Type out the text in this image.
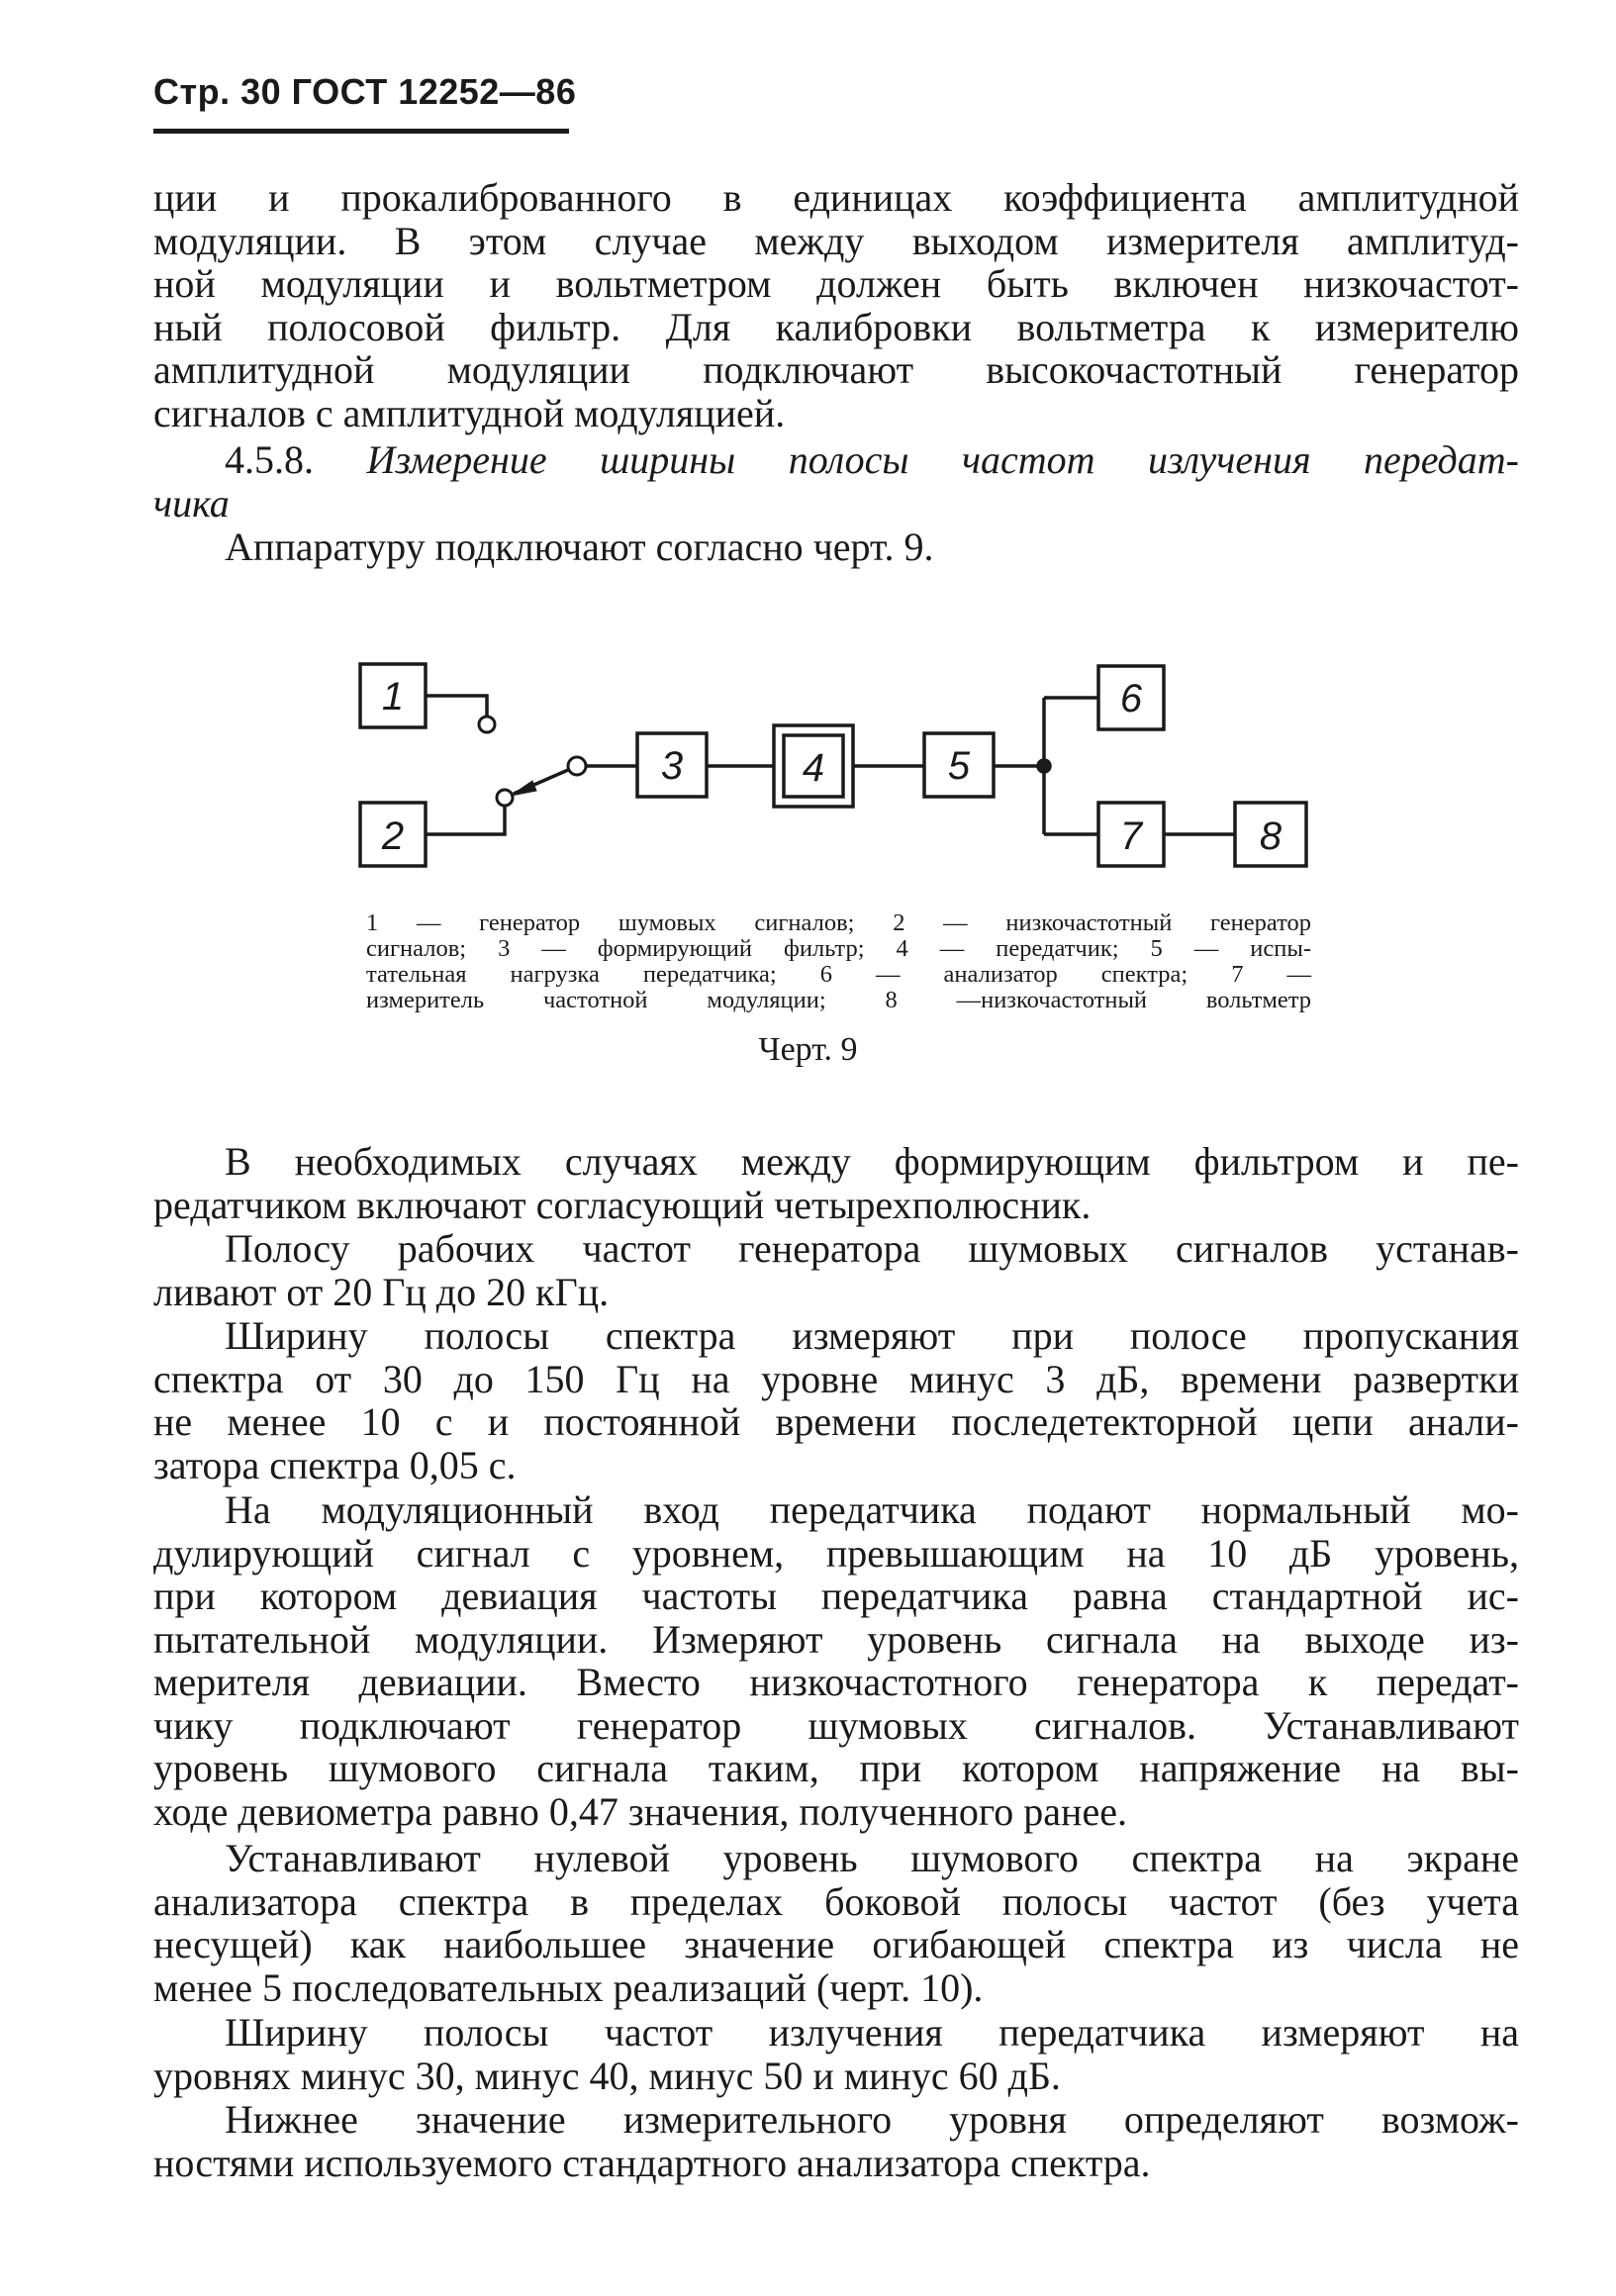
Стр. 30 ГОСТ 12252—86
ции и прокалиброванного в единицах коэффициента амплитудной
модуляции. В этом случае между выходом измерителя амплитуд-
ной модуляции и вольтметром должен быть включен низкочастот-
ный полосовой фильтр. Для калибровки вольтметра к измерителю
амплитудной модуляции подключают высокочастотный генератор
сигналов с амплитудной модуляцией.
4.5.8. Измерение ширины полосы частот излучения передат-
чика
Аппаратуру подключают согласно черт. 9.
1
2
3	4	5
6
7	8
1 — генератор шумовых сигналов; 2 — низкочастотный генератор
сигналов; 3 — формирующий фильтр; 4 — передатчик; 5 — испы-
тательная нагрузка передатчика; 6 — анализатор спектра; 7 —
измеритель частотной модуляции; 8 —низкочастотный вольтметр
Черт. 9
В необходимых случаях между формирующим фильтром и пе-
редатчиком включают согласующий четырехполюсник.
Полосу рабочих частот генератора шумовых сигналов устанав-
ливают от 20 Гц до 20 кГц.
Ширину полосы спектра измеряют при полосе пропускания
спектра от 30 до 150 Гц на уровне минус 3 дБ, времени развертки
не менее 10 с и постоянной времени последетекторной цепи анали-
затора спектра 0,05 с.
На модуляционный вход передатчика подают нормальный мо-
дулирующий сигнал с уровнем, превышающим на 10 дБ уровень,
при котором девиация частоты передатчика равна стандартной ис-
пытательной модуляции. Измеряют уровень сигнала на выходе из-
мерителя девиации. Вместо низкочастотного генератора к передат-
чику подключают генератор шумовых сигналов. Устанавливают
уровень шумового сигнала таким, при котором напряжение на вы-
ходе девиометра равно 0,47 значения, полученного ранее.
Устанавливают нулевой уровень шумового спектра на экране
анализатора спектра в пределах боковой полосы частот (без учета
несущей) как наибольшее значение огибающей спектра из числа не
менее 5 последовательных реализаций (черт. 10).
Ширину полосы частот излучения передатчика измеряют на
уровнях минус 30, минус 40, минус 50 и минус 60 дБ.
Нижнее значение измерительного уровня определяют возмож-
ностями используемого стандартного анализатора спектра.
